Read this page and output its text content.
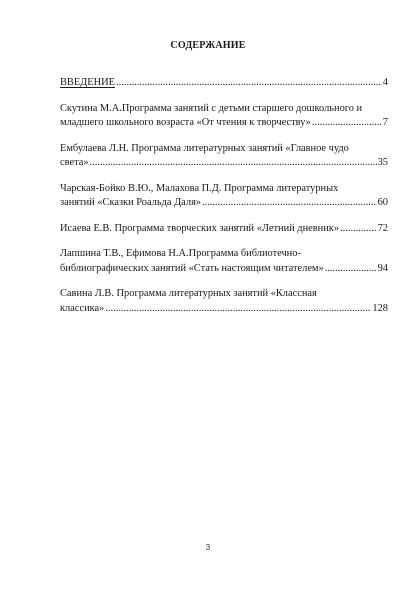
СОДЕРЖАНИЕ
ВВЕДЕНИЕ .....	4
Скутина М.А.Программа занятий с детьми старшего дошкольного и
младшего школьного возраста «От чтения к творчеству» .....	7
Ембулаева Л.Н. Программа литературных занятий «Главное чудо
света» .....	35
Чарская-Бойко В.Ю., Малахова П.Д. Программа литературных
занятий «Сказки Роальда Даля» .....	60
Исаева Е.В. Программа творческих занятий «Летний дневник» .....	72
Лапшина Т.В., Ефимова Н.А.Программа библиотечно-
библиографических занятий «Стать настоящим читателем» .....	94
Савина Л.В. Программа литературных занятий «Классная
классика» .....	128
3
